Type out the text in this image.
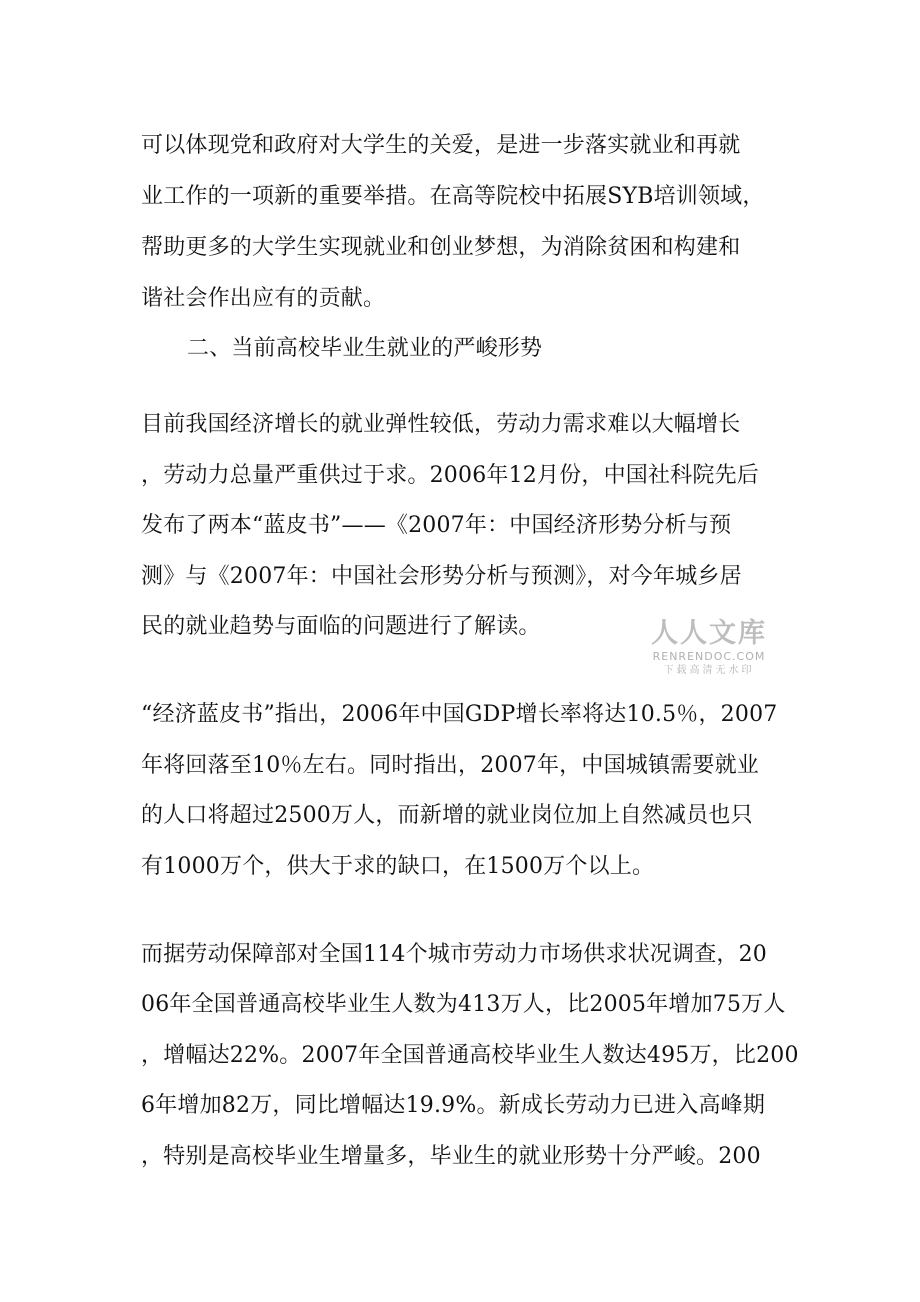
可以体现党和政府对大学生的关爱，是进一步落实就业和再就
业工作的一项新的重要举措。在高等院校中拓展SYB培训领域，
帮助更多的大学生实现就业和创业梦想，为消除贫困和构建和
谐社会作出应有的贡献。
二、当前高校毕业生就业的严峻形势
目前我国经济增长的就业弹性较低，劳动力需求难以大幅增长
，劳动力总量严重供过于求。2006年12月份，中国社科院先后
发布了两本“蓝皮书”——《2007年：中国经济形势分析与预
测》与《2007年：中国社会形势分析与预测》，对今年城乡居
民的就业趋势与面临的问题进行了解读。
“经济蓝皮书”指出，2006年中国GDP增长率将达10.5％，2007
年将回落至10％左右。同时指出，2007年，中国城镇需要就业
的人口将超过2500万人，而新增的就业岗位加上自然减员也只
有1000万个，供大于求的缺口，在1500万个以上。
而据劳动保障部对全国114个城市劳动力市场供求状况调查，20
06年全国普通高校毕业生人数为413万人，比2005年增加75万人
，增幅达22%。2007年全国普通高校毕业生人数达495万，比200
6年增加82万，同比增幅达19.9%。新成长劳动力已进入高峰期
，特别是高校毕业生增量多，毕业生的就业形势十分严峻。200
人人文库
RENRENDOC.COM
下载高清无水印
